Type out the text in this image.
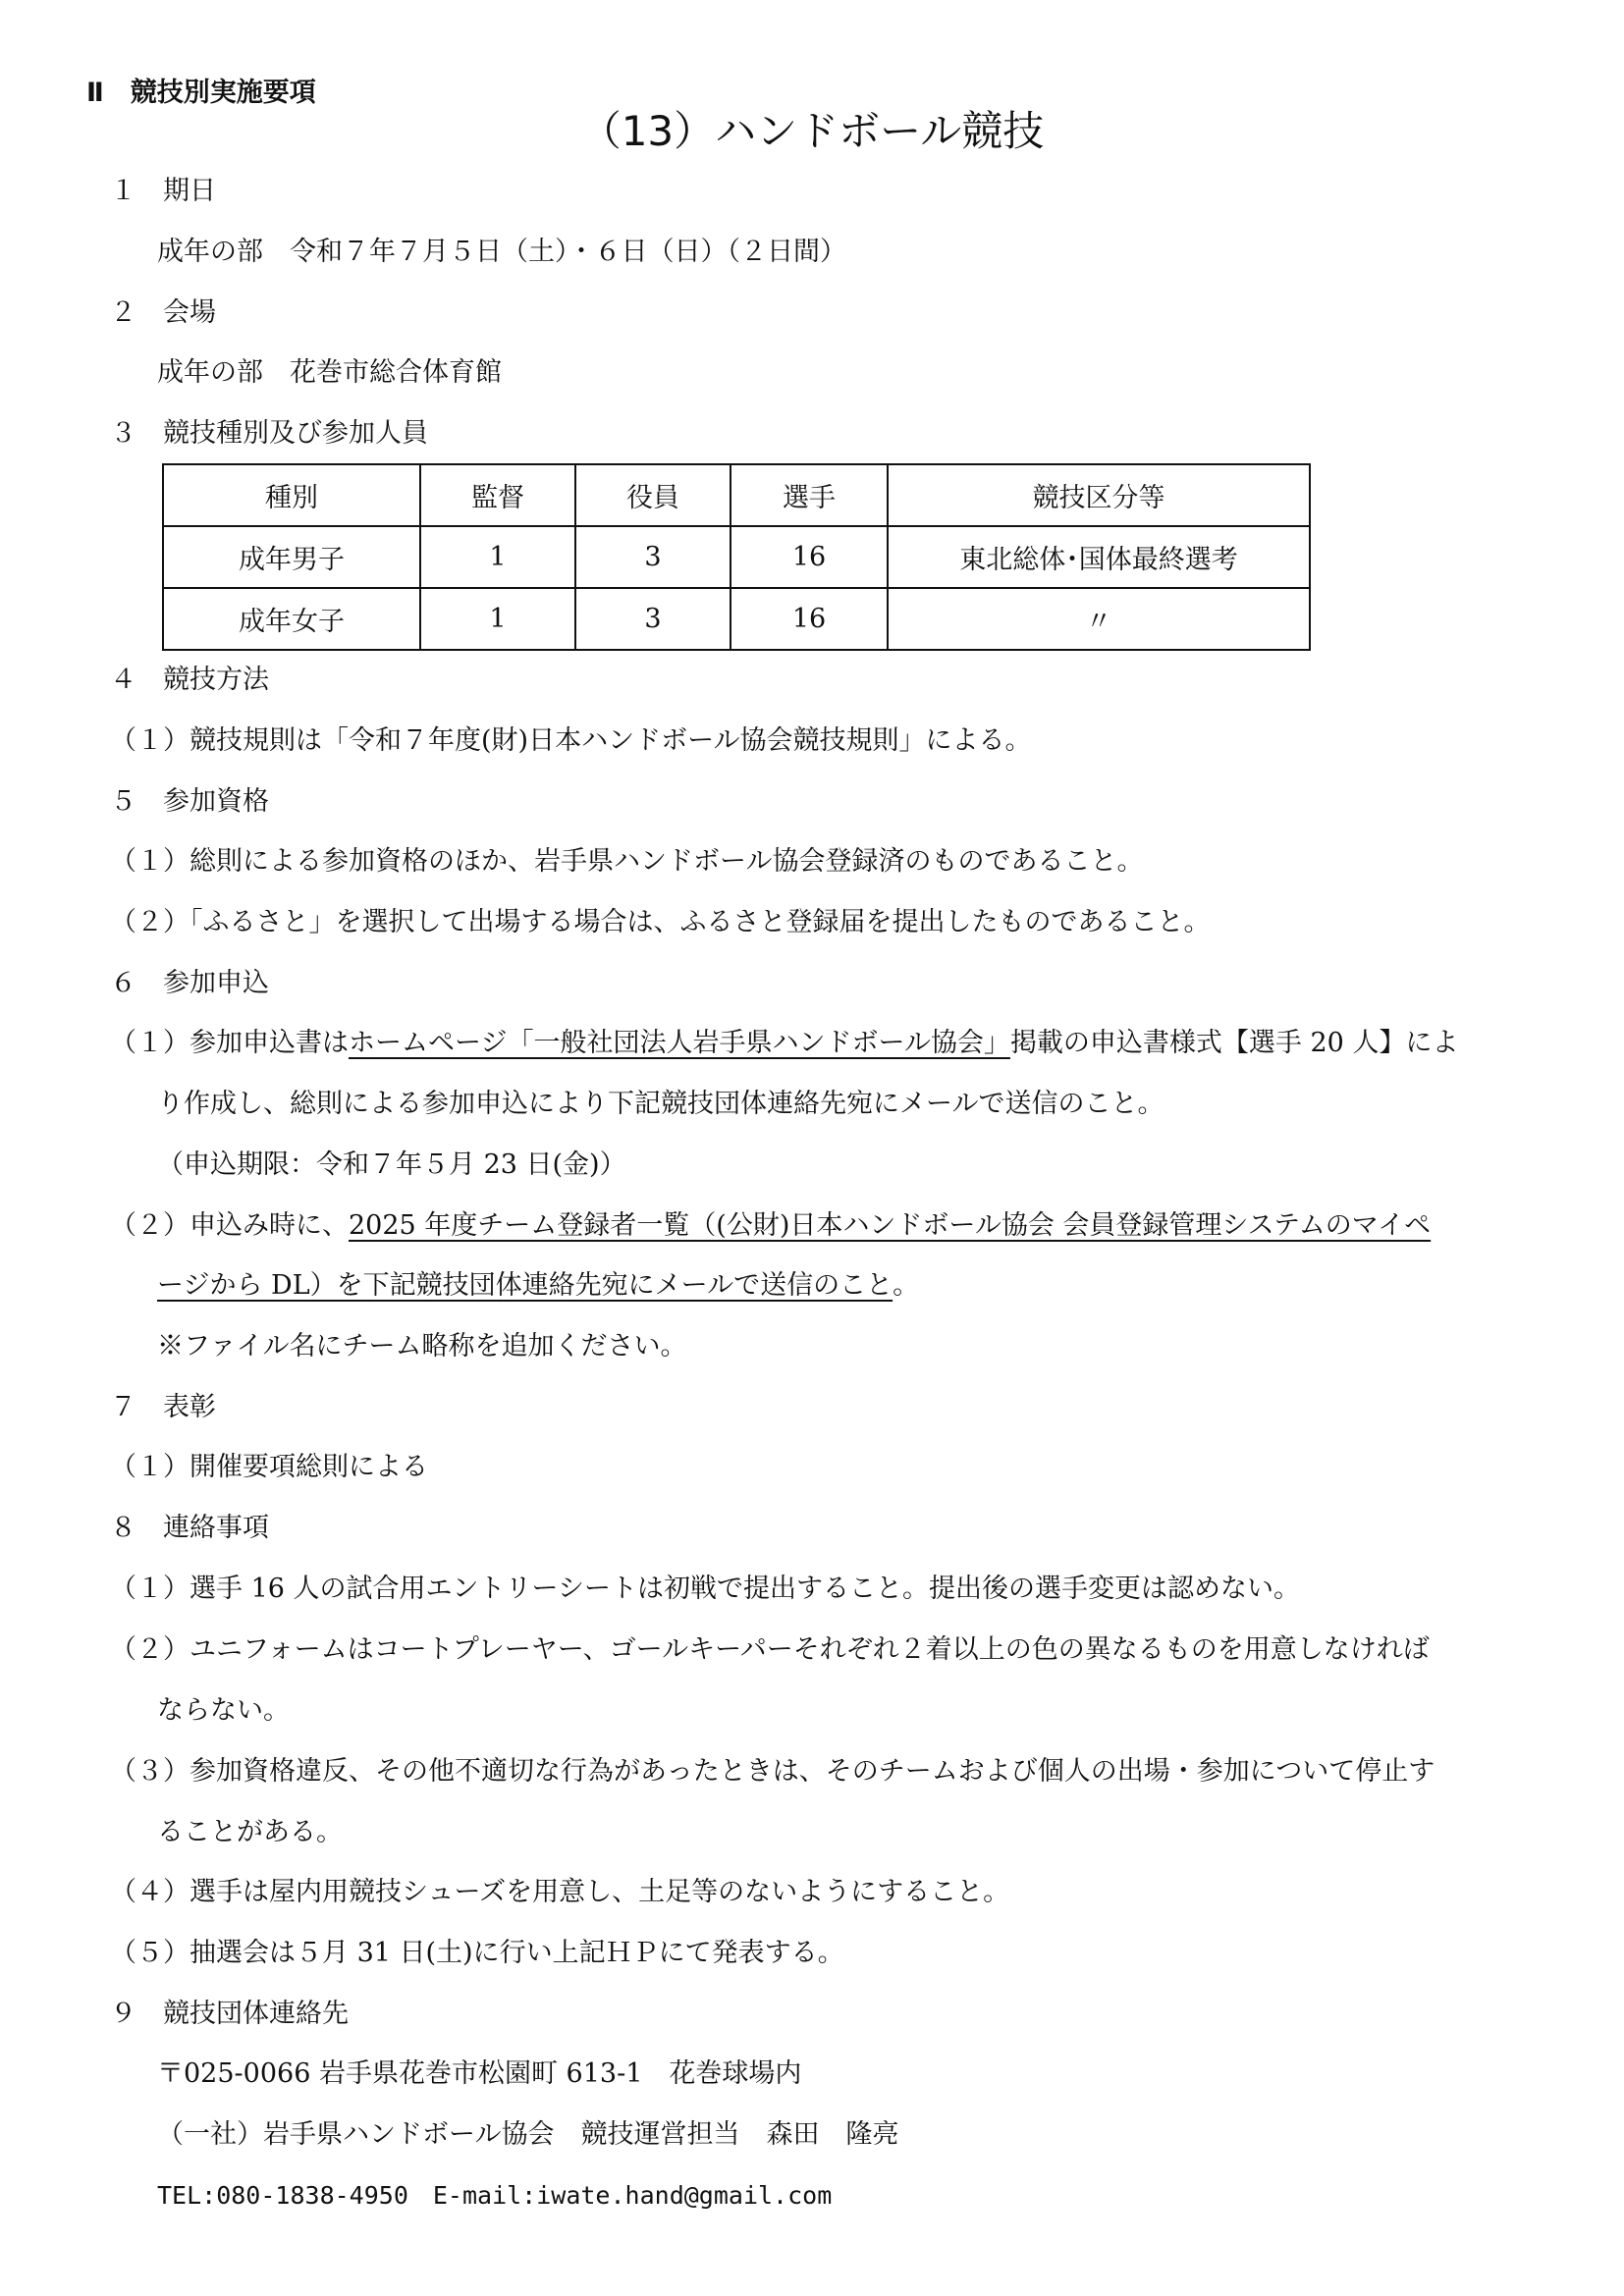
Ⅱ　競技別実施要項
（13）ハンドボール競技
１　期日
成年の部　令和７年７月５日（土）・６日（日）（２日間）
２　会場
成年の部　花巻市総合体育館
３　競技種別及び参加人員
種別	監督	役員	選手	競技区分等
成年男子	1	3	16	東北総体･国体最終選考
成年女子	1	3	16	〃
４　競技方法
（１）競技規則は「令和７年度(財)日本ハンドボール協会競技規則」による。
５　参加資格
（１）総則による参加資格のほか、岩手県ハンドボール協会登録済のものであること。
（２）「ふるさと」を選択して出場する場合は、ふるさと登録届を提出したものであること。
６　参加申込
（１）参加申込書はホームページ「一般社団法人岩手県ハンドボール協会」掲載の申込書様式【選手 20 人】によ
り作成し、総則による参加申込により下記競技団体連絡先宛にメールで送信のこと。
（申込期限：令和７年５月 23 日(金)）
（２）申込み時に、2025 年度チーム登録者一覧（(公財)日本ハンドボール協会 会員登録管理システムのマイペ
ージから DL）を下記競技団体連絡先宛にメールで送信のこと。
※ファイル名にチーム略称を追加ください。
７　表彰
（１）開催要項総則による
８　連絡事項
（１）選手 16 人の試合用エントリーシートは初戦で提出すること。提出後の選手変更は認めない。
（２）ユニフォームはコートプレーヤー、ゴールキーパーそれぞれ２着以上の色の異なるものを用意しなければ
ならない。
（３）参加資格違反、その他不適切な行為があったときは、そのチームおよび個人の出場・参加について停止す
ることがある。
（４）選手は屋内用競技シューズを用意し、土足等のないようにすること。
（５）抽選会は５月 31 日(土)に行い上記ＨＰにて発表する。
９　競技団体連絡先
〒025-0066 岩手県花巻市松園町 613-1　花巻球場内
（一社）岩手県ハンドボール協会　競技運営担当　森田　隆亮
TEL:080-1838-4950　E-mail:iwate.hand@gmail.com
